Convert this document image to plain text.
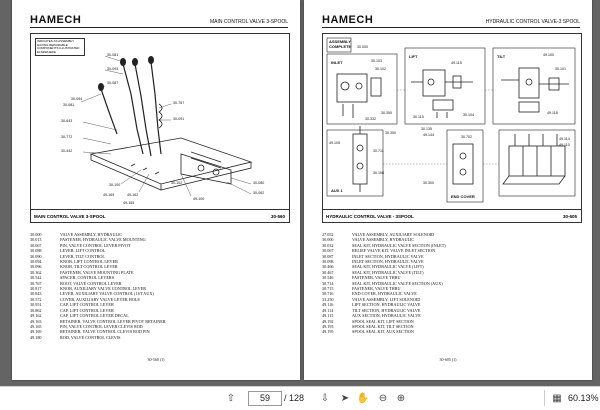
HAMECH	MAIN CONTROL VALVE 3-SPOOL
INDICATES AS ASSEMBLY HAVING REPAIRABLE COMPONENTS ILLUSTRATED ELSEWHERE
30-081
30-093
30-087
30-094
30-767
30-081
30-091
30-643
30-772
30-442
30-100
49-162
49-169
49-100
30-102	30-080
30-062
49-165
MAIN CONTROL VALVE 3-SPOOL	30-560
30.000	VALVE ASSEMBLY, HYDRAULIC
30.013	FASTENER, HYDRAULIC VALVE MOUNTING
30.067	PIN, VALVE CONTROL LEVER PIVOT
30.088	LEVER, LIFT CONTROL
30.090	LEVER, TILT CONTROL
30.094	KNOB, LIFT CONTROL LEVER
30.096	KNOB, TILT CONTROL LEVER
30.362	FASTENER, VALVE MOUNTING PLATE
30.542	SPACER, CONTROL LEVERS
30.767	BOOT, VALVE CONTROL LEVER
30.817	KNOB, AUXILIARY VALVE CONTROL LEVER
30.843	LEVER, AUXILIARY VALVE CONTROL (1ST AUX)
30.572	COVER, AUXILIARY VALVE LEVER HOLE
30.951	CAP, LIFT CONTROL LEVER
30.862	CAP, LIFT CONTROL LEVER
49.162	CAP, LIFT CONTROL LEVER DECAL
49.163	RETAINER, VALVE CONTROL LEVER PIVOT RETAINER
49.165	PIN, VALVE CONTROL LEVER CLEVIS ROD
49.169	RETAINER, VALVE CONTROL CLEVIS ROD PIN
49.180	ROD, VALVE CONTROL CLEVIS
30-560 (1)
HAMECH	HYDRAULIC CONTROL VALVE-3 SPOOL
ASSEMBLY
COMPLETE
INLET
LIFT	TILT
AUX 1
END COVER
30.000
30.103
30.102
30.332
30.350
49.115
30.115	30.104
49.100
30.101
49.118
30.350
49.105
49.144
30.711
30.198
30.135
30.702	49.114
49.110
30.300
HYDRAULIC CONTROL VALVE - 3SPOOL	30-605
27.052	VALVE ASSEMBLY, AUXILIARY SOLENOID
30.000	VALVE ASSEMBLY, HYDRAULIC
30.032	SEAL KIT, HYDRAULIC VALVE SECTION (INLET)
30.067	RELIEF VALVE KIT, VALVE INLET SECTION
30.087	INLET SECTION, HYDRAULIC VALVE
30.098	INLET SECTION, HYDRAULIC VALVE
30.466	SEAL KIT, HYDRAULIC VALVE (LIFT)
30.467	SEAL KIT, HYDRAULIC VALVE (TILT)
30.546	FASTENER, VALVE THRU
30.714	SEAL KIT, HYDRAULIC VALVE SECTION (AUX)
30.715	FASTENER, VALVE THRU
30.716	END COVER, HYDRAULIC VALVE
33.250	VALVE ASSEMBLY, LIFT SOLENOID
49.116	LIFT SECTION, HYDRAULIC VALVE
49.114	TILT SECTION, HYDRAULIC VALVE
49.115	AUX SECTION, HYDRAULIC VALVE
49.192	SPOOL SEAL KIT, LIFT SECTION
49.193	SPOOL SEAL KIT, TILT SECTION
49.195	SPOOL SEAL KIT, AUX SECTION
30-605 (1)
⇧	59	/ 128 ⇩ ➤ ✋ ⊖ ⊕	▦ 60.13%
